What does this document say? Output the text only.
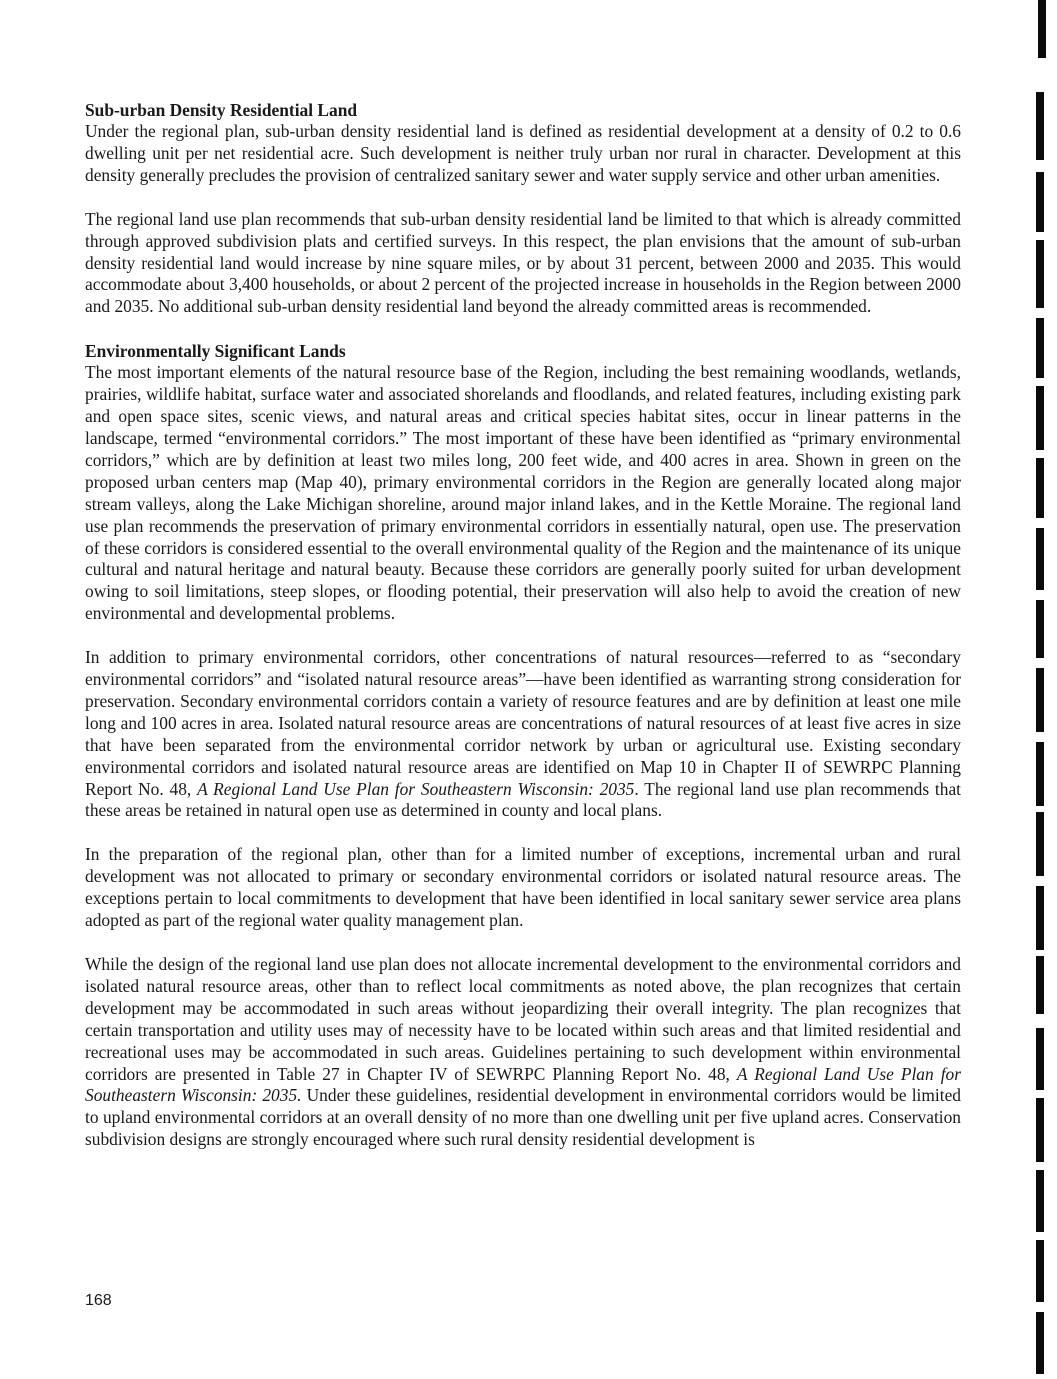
Sub-urban Density Residential Land

Under the regional plan, sub-urban density residential land is defined as residential development at a density of 0.2 to 0.6 dwelling unit per net residential acre. Such development is neither truly urban nor rural in character. Development at this density generally precludes the provision of centralized sanitary sewer and water supply service and other urban amenities.

The regional land use plan recommends that sub-urban density residential land be limited to that which is already committed through approved subdivision plats and certified surveys. In this respect, the plan envisions that the amount of sub-urban density residential land would increase by nine square miles, or by about 31 percent, between 2000 and 2035. This would accommodate about 3,400 households, or about 2 percent of the projected increase in households in the Region between 2000 and 2035. No additional sub-urban density residential land beyond the already committed areas is recommended.

Environmentally Significant Lands

The most important elements of the natural resource base of the Region, including the best remaining woodlands, wetlands, prairies, wildlife habitat, surface water and associated shorelands and floodlands, and related features, including existing park and open space sites, scenic views, and natural areas and critical species habitat sites, occur in linear patterns in the landscape, termed “environmental corridors.” The most important of these have been identified as “primary environmental corridors,” which are by definition at least two miles long, 200 feet wide, and 400 acres in area. Shown in green on the proposed urban centers map (Map 40), primary environmental corridors in the Region are generally located along major stream valleys, along the Lake Michigan shoreline, around major inland lakes, and in the Kettle Moraine. The regional land use plan recommends the preservation of primary environmental corridors in essentially natural, open use. The preservation of these corridors is considered essential to the overall environmental quality of the Region and the maintenance of its unique cultural and natural heritage and natural beauty. Because these corridors are generally poorly suited for urban development owing to soil limitations, steep slopes, or flooding potential, their preservation will also help to avoid the creation of new environmental and developmental problems.

In addition to primary environmental corridors, other concentrations of natural resources—referred to as “secondary environmental corridors” and “isolated natural resource areas”—have been identified as warranting strong consideration for preservation. Secondary environmental corridors contain a variety of resource features and are by definition at least one mile long and 100 acres in area. Isolated natural resource areas are concentrations of natural resources of at least five acres in size that have been separated from the environmental corridor network by urban or agricultural use. Existing secondary environmental corridors and isolated natural resource areas are identified on Map 10 in Chapter II of SEWRPC Planning Report No. 48, A Regional Land Use Plan for Southeastern Wisconsin: 2035. The regional land use plan recommends that these areas be retained in natural open use as determined in county and local plans.

In the preparation of the regional plan, other than for a limited number of exceptions, incremental urban and rural development was not allocated to primary or secondary environmental corridors or isolated natural resource areas. The exceptions pertain to local commitments to development that have been identified in local sanitary sewer service area plans adopted as part of the regional water quality management plan.

While the design of the regional land use plan does not allocate incremental development to the environmental corridors and isolated natural resource areas, other than to reflect local commitments as noted above, the plan recognizes that certain development may be accommodated in such areas without jeopardizing their overall integrity. The plan recognizes that certain transportation and utility uses may of necessity have to be located within such areas and that limited residential and recreational uses may be accommodated in such areas. Guidelines pertaining to such development within environmental corridors are presented in Table 27 in Chapter IV of SEWRPC Planning Report No. 48, A Regional Land Use Plan for Southeastern Wisconsin: 2035. Under these guidelines, residential development in environmental corridors would be limited to upland environmental corridors at an overall density of no more than one dwelling unit per five upland acres. Conservation subdivision designs are strongly encouraged where such rural density residential development is

168
